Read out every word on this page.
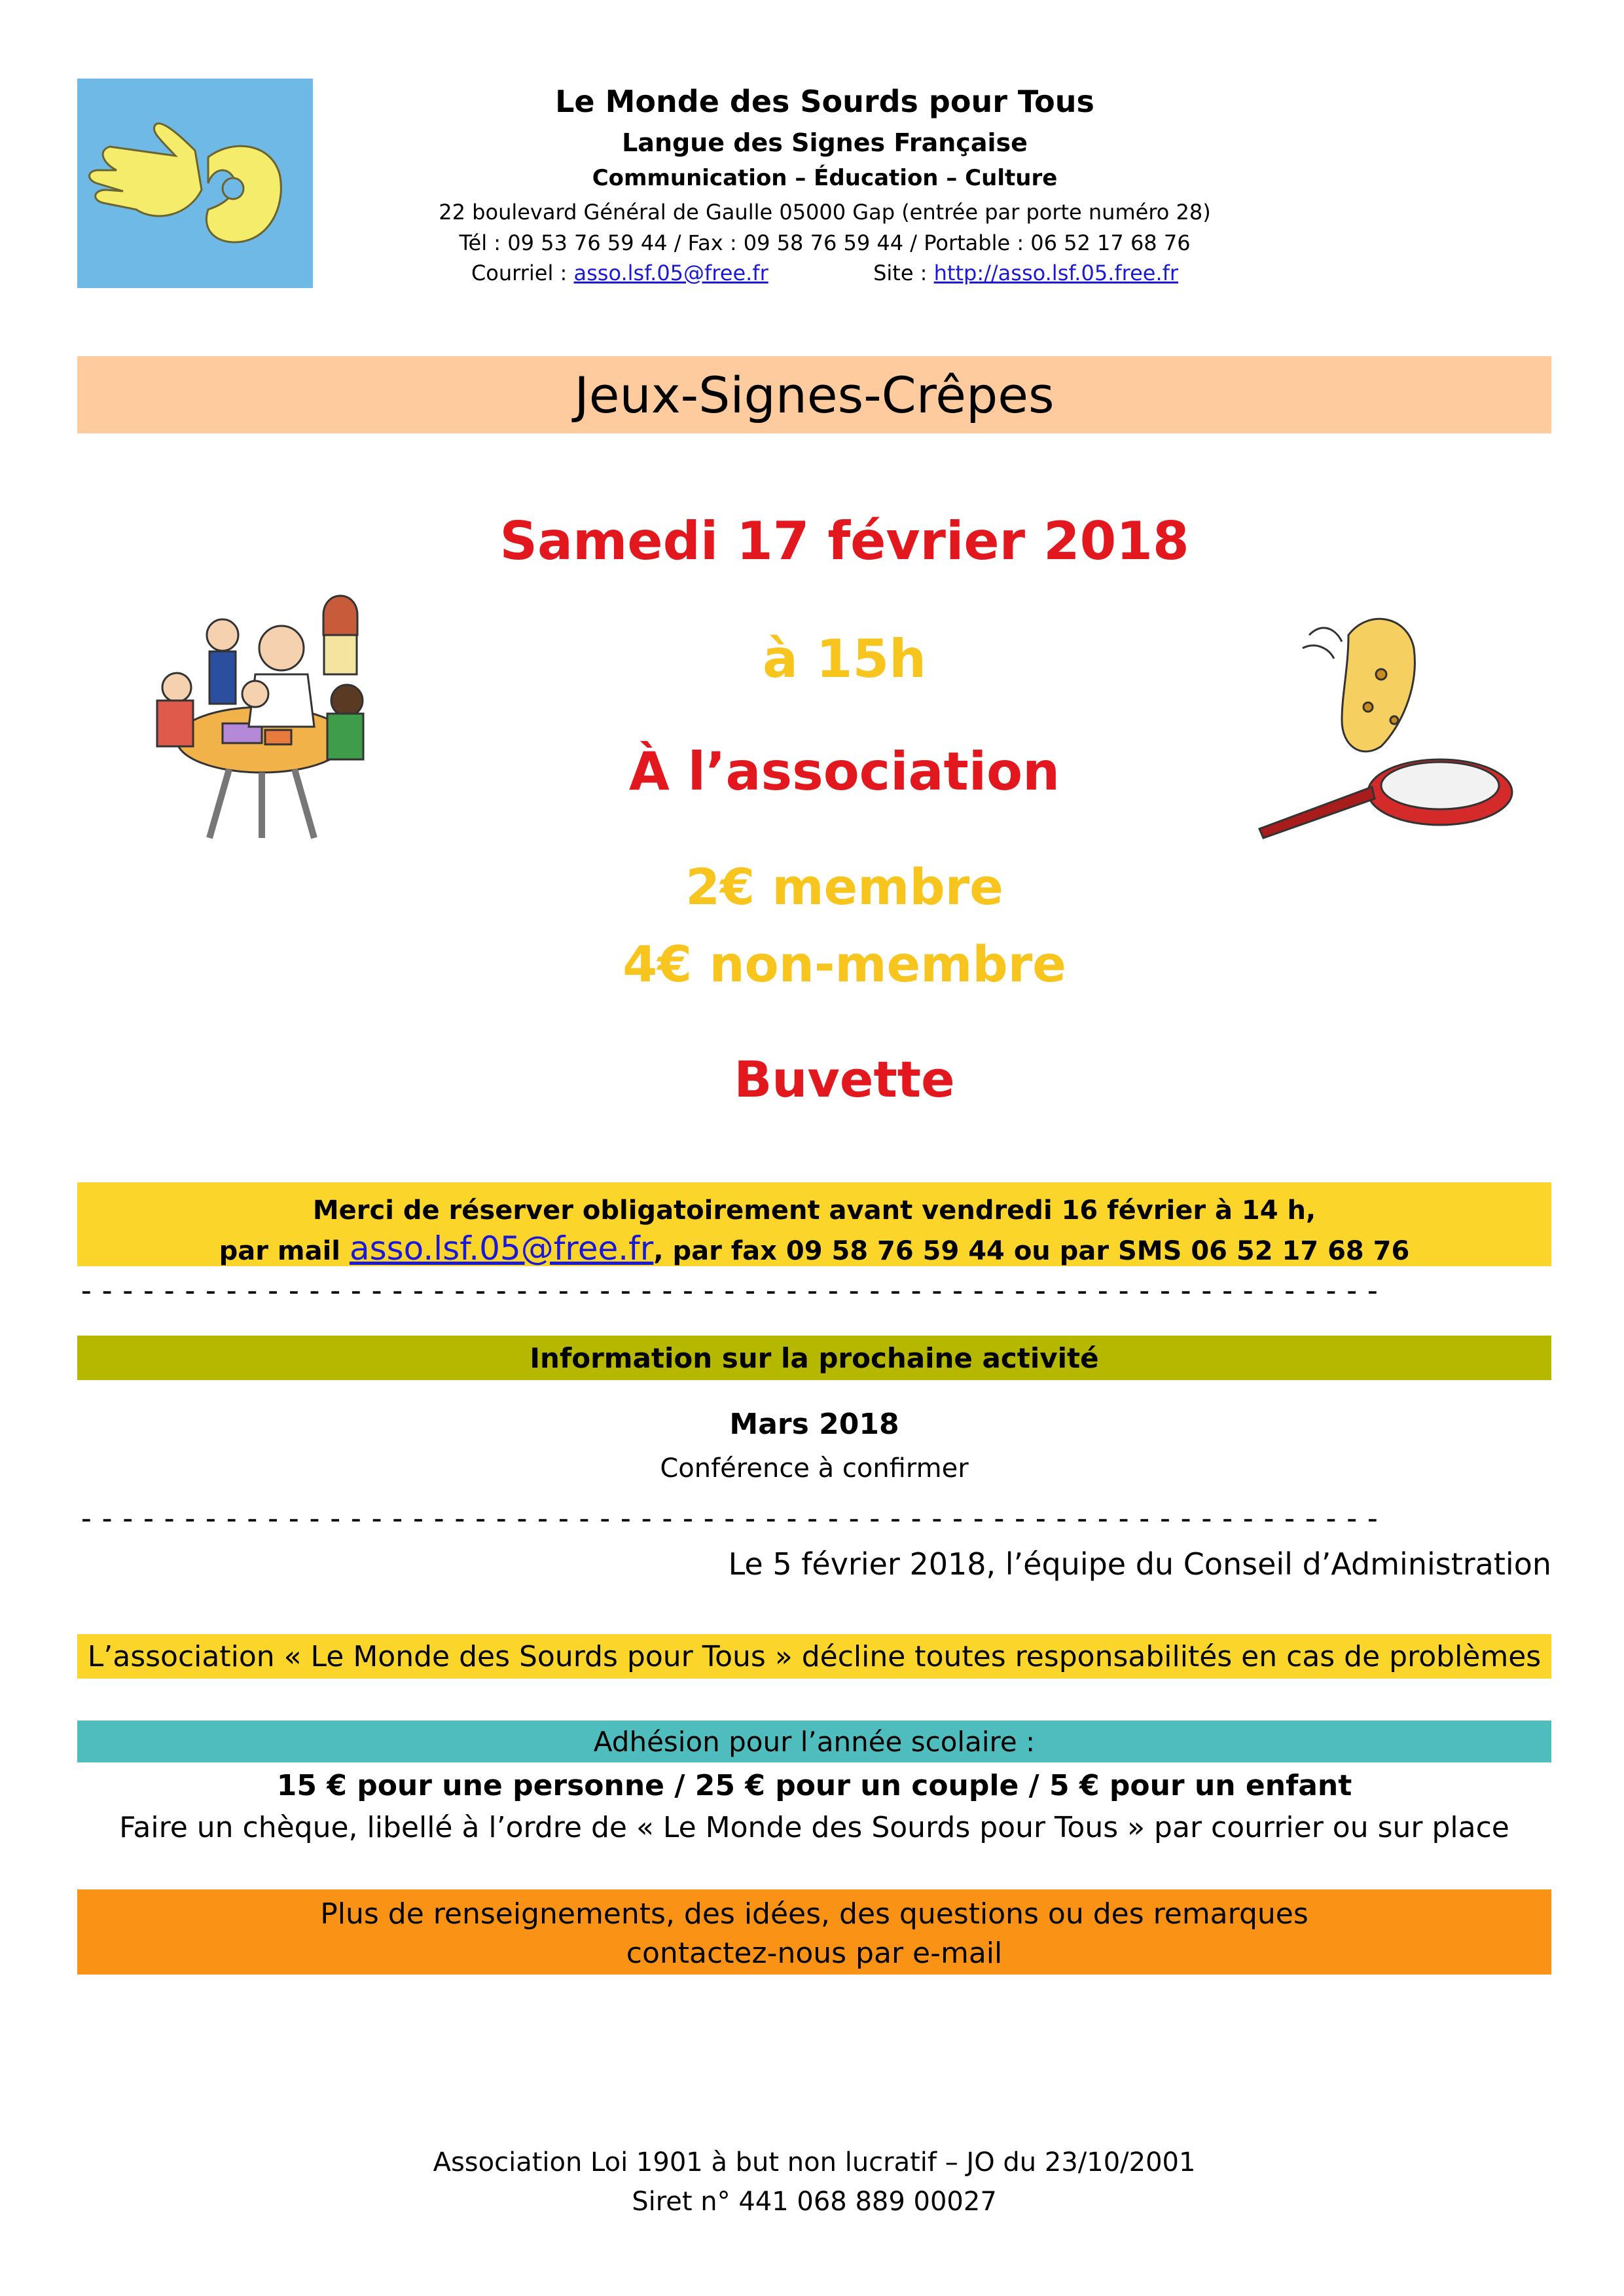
Le Monde des Sourds pour Tous
Langue des Signes Française
Communication – Éducation – Culture
22 boulevard Général de Gaulle 05000 Gap (entrée par porte numéro 28)
Tél : 09 53 76 59 44 / Fax : 09 58 76 59 44 / Portable : 06 52 17 68 76
Courriel : asso.lsf.05@free.fr	Site : http://asso.lsf.05.free.fr
Jeux-Signes-Crêpes
Samedi 17 février 2018
à 15h
À l’association
2€ membre
4€ non-membre
Buvette
Merci de réserver obligatoirement avant vendredi 16 février à 14 h,
par mail asso.lsf.05@free.fr, par fax 09 58 76 59 44 ou par SMS 06 52 17 68 76
---------------------------------------------------------------
Information sur la prochaine activité
Mars 2018
Conférence à confirmer
---------------------------------------------------------------
Le 5 février 2018, l’équipe du Conseil d’Administration
L’association « Le Monde des Sourds pour Tous » décline toutes responsabilités en cas de problèmes
Adhésion pour l’année scolaire :
15 € pour une personne / 25 € pour un couple / 5 € pour un enfant
Faire un chèque, libellé à l’ordre de « Le Monde des Sourds pour Tous » par courrier ou sur place
Plus de renseignements, des idées, des questions ou des remarques
contactez-nous par e-mail
Association Loi 1901 à but non lucratif – JO du 23/10/2001
Siret n° 441 068 889 00027
